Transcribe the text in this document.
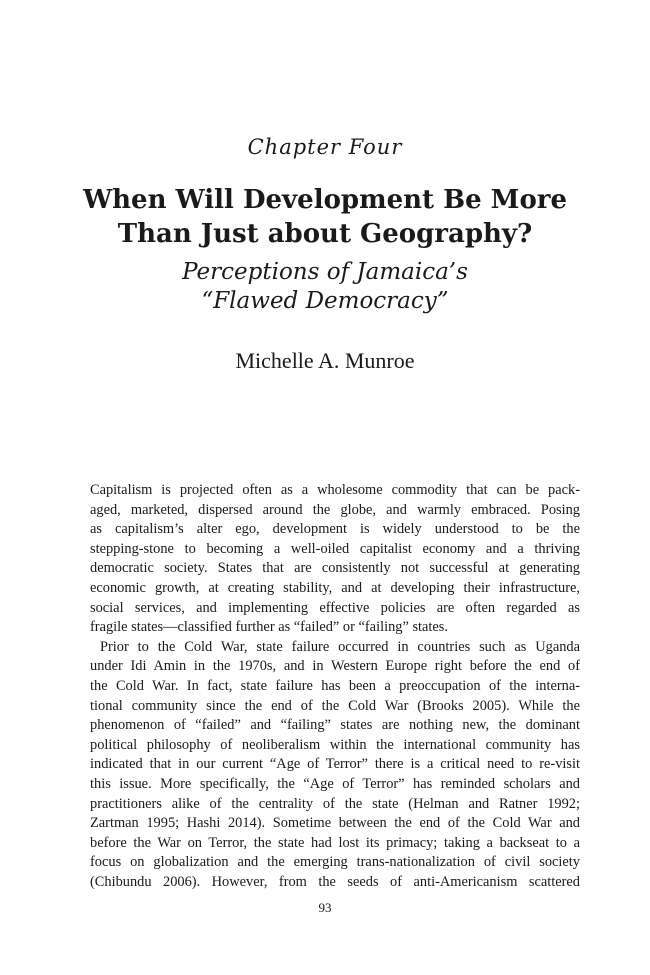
Chapter Four
When Will Development Be More
Than Just about Geography?
Perceptions of Jamaica’s
“Flawed Democracy”
Michelle A. Munroe
Capitalism is projected often as a wholesome commodity that can be pack-
aged, marketed, dispersed around the globe, and warmly embraced. Posing
as capitalism’s alter ego, development is widely understood to be the
stepping-stone to becoming a well-oiled capitalist economy and a thriving
democratic society. States that are consistently not successful at generating
economic growth, at creating stability, and at developing their infrastructure,
social services, and implementing effective policies are often regarded as
fragile states—classified further as “failed” or “failing” states.
Prior to the Cold War, state failure occurred in countries such as Uganda
under Idi Amin in the 1970s, and in Western Europe right before the end of
the Cold War. In fact, state failure has been a preoccupation of the interna-
tional community since the end of the Cold War (Brooks 2005). While the
phenomenon of “failed” and “failing” states are nothing new, the dominant
political philosophy of neoliberalism within the international community has
indicated that in our current “Age of Terror” there is a critical need to re-visit
this issue. More specifically, the “Age of Terror” has reminded scholars and
practitioners alike of the centrality of the state (Helman and Ratner 1992;
Zartman 1995; Hashi 2014). Sometime between the end of the Cold War and
before the War on Terror, the state had lost its primacy; taking a backseat to a
focus on globalization and the emerging trans-nationalization of civil society
(Chibundu 2006). However, from the seeds of anti-Americanism scattered
93
